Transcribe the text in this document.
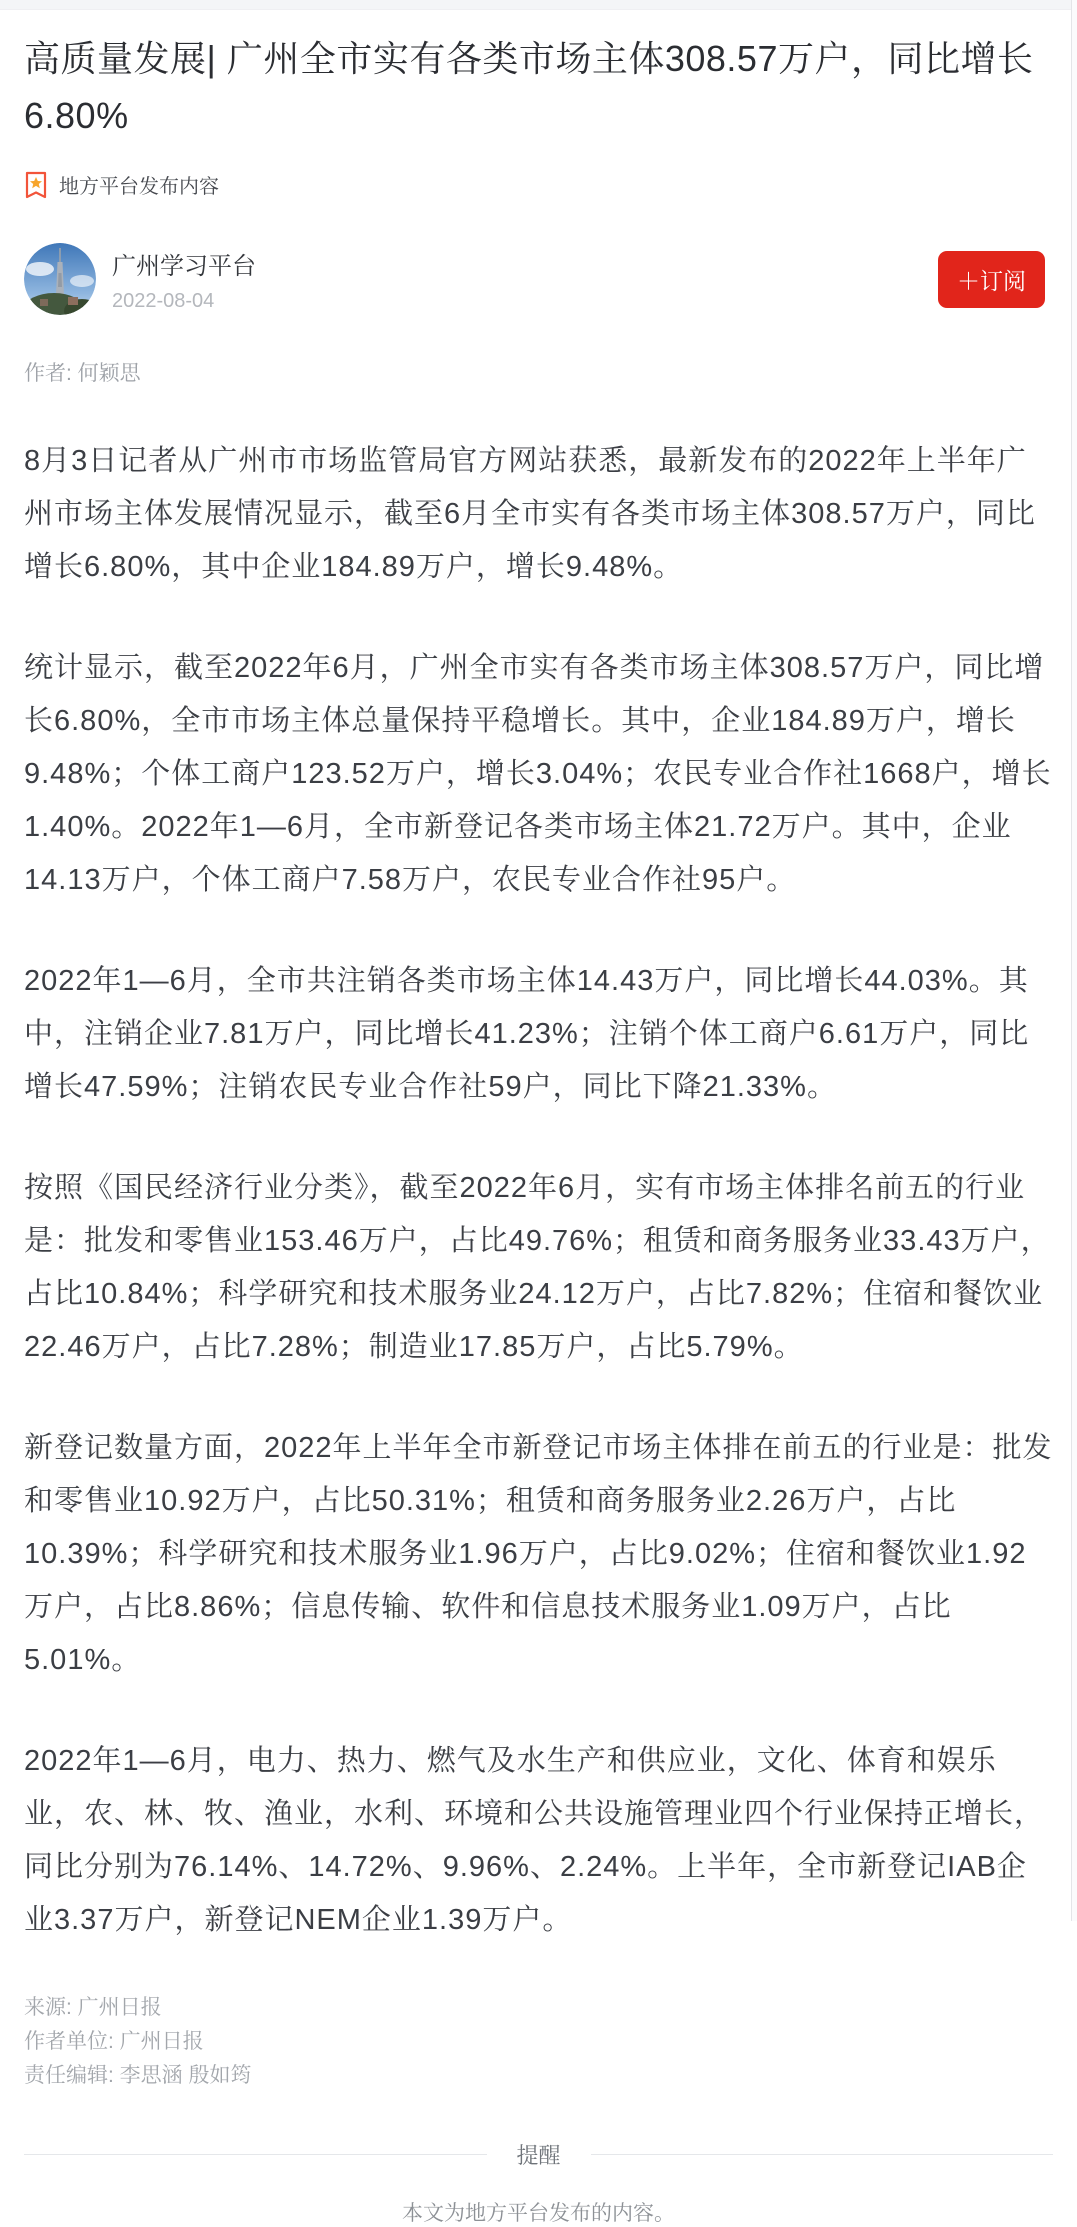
高质量发展| 广州全市实有各类市场主体308.57万户，同比增长6.80%
地方平台发布内容
广州学习平台
2022-08-04
＋订阅
作者: 何颖思

8月3日记者从广州市市场监管局官方网站获悉，最新发布的2022年上半年广州市场主体发展情况显示，截至6月全市实有各类市场主体308.57万户，同比增长6.80%，其中企业184.89万户，增长9.48%。

统计显示，截至2022年6月，广州全市实有各类市场主体308.57万户，同比增长6.80%，全市市场主体总量保持平稳增长。其中，企业184.89万户，增长9.48%；个体工商户123.52万户，增长3.04%；农民专业合作社1668户，增长1.40%。2022年1—6月，全市新登记各类市场主体21.72万户。其中，企业14.13万户，个体工商户7.58万户，农民专业合作社95户。

2022年1—6月，全市共注销各类市场主体14.43万户，同比增长44.03%。其中，注销企业7.81万户，同比增长41.23%；注销个体工商户6.61万户，同比增长47.59%；注销农民专业合作社59户，同比下降21.33%。

按照《国民经济行业分类》，截至2022年6月，实有市场主体排名前五的行业是：批发和零售业153.46万户，占比49.76%；租赁和商务服务业33.43万户，占比10.84%；科学研究和技术服务业24.12万户，占比7.82%；住宿和餐饮业22.46万户，占比7.28%；制造业17.85万户，占比5.79%。

新登记数量方面，2022年上半年全市新登记市场主体排在前五的行业是：批发和零售业10.92万户，占比50.31%；租赁和商务服务业2.26万户，占比10.39%；科学研究和技术服务业1.96万户，占比9.02%；住宿和餐饮业1.92万户，占比8.86%；信息传输、软件和信息技术服务业1.09万户，占比5.01%。

2022年1—6月，电力、热力、燃气及水生产和供应业，文化、体育和娱乐业，农、林、牧、渔业，水利、环境和公共设施管理业四个行业保持正增长，同比分别为76.14%、14.72%、9.96%、2.24%。上半年，全市新登记IAB企业3.37万户，新登记NEM企业1.39万户。

来源: 广州日报
作者单位: 广州日报
责任编辑: 李思涵 殷如筠
提醒
本文为地方平台发布的内容。
